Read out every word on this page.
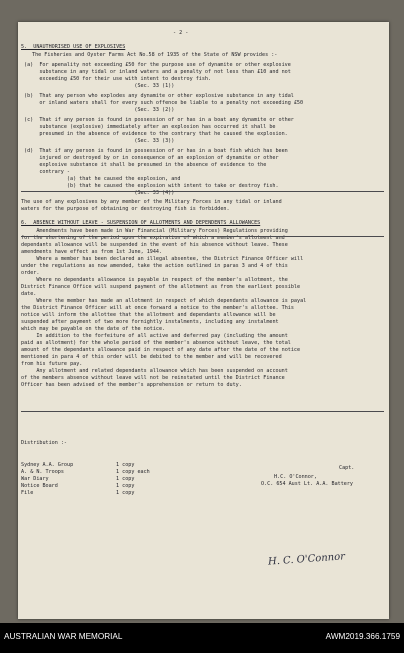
- 2 -

5.  UNAUTHORISED USE OF EXPLOSIVES

The Fisheries and Oyster Farms Act No.58 of 1935 of the State of NSW provides :-

(a)  For apenality not exceeding £50 for the purpose use of dynamite or other explosive

substance in any tidal or inland waters and a penalty of not less than £10 and not

exceeding £50 for their use with intent to destroy fish.

(Sec. 33 (1))

(b)  That any person who explodes any dynamite or other explosive substance in any tidal

or inland waters shall for every such offence be liable to a penalty not exceeding £50

(Sec. 33 (2))

(c)  That if any person is found in possession of or has in a boat any dynamite or other

substance (explosive) immediately after an explosion has occurred it shall be

presumed in the absence of evidence to the contrary that he caused the explosion.

(Sec. 33 (3))

(d)  That if any person is found in possession of or has in a boat fish which has been

injured or destroyed by or in consequence of an explosion of dynamite or other

explosive substance it shall be presumed in the absence of evidence to the

contrary -

(a) that he caused the explosion, and

(b) that he caused the explosion with intent to take or destroy fish.

(Sec. 33 (4))

The use of any explosives by any member of the Military Forces in any tidal or inland

waters for the purpose of obtaining or destroying fish is forbidden.

6.  ABSENCE WITHOUT LEAVE - SUSPENSION OF ALLOTMENTS AND DEPENDENTS ALLOWANCES

Amendments have been made in War Financial (Military Forces) Regulations providing

for the shortening of the period upon the expiration of which a member's allotment and

dependants allowance will be suspended in the event of his absence without leave. These

amendments have effect as from 1st June, 1944.

Where a member has been declared an illegal absentee, the District Finance Officer will

under the regulations as now amended, take the action outlined in paras 3 and 4 of this

order.

Where no dependants allowance is payable in respect of the member's allotment, the

District Finance Office will suspend payment of the allotment as from the earliest possible

date.

Where the member has made an allotment in respect of which dependants allowance is payal

the District Finance Officer will at once forward a notice to the member's allottee. This

notice will inform the allottee that the allotment and dependants allowance will be

suspended after payment of two more fornightly instalments, including any instalment

which may be payable on the date of the notice.

In addition to the forfeiture of all active and deferred pay (including the amount

paid as allotment) for the whole period of the member's absence without leave, the total

amount of the dependants allowance paid in respect of any date after the date of the notice

mentioned in para 4 of this order will be debited to the member and will be recovered

from his future pay.

Any allotment and related dependants allowance which has been suspended on account

of the members absence without leave will not be reinstated until the District Finance

Officer has been advised of the member's apprehension or return to duty.

Distribution :-

Sydney A.A. Group

	1 copy

A. & N. Troops

	1 copy each

War Diary

	1 copy

Notice Board

	1 copy

File

	1 copy

Capt.

H.C. O'Connor,

O.C. 654 Aust Lt. A.A. Battery

H. C. O'Connor
AUSTRALIAN WAR MEMORIAL	AWM2019.366.1759
